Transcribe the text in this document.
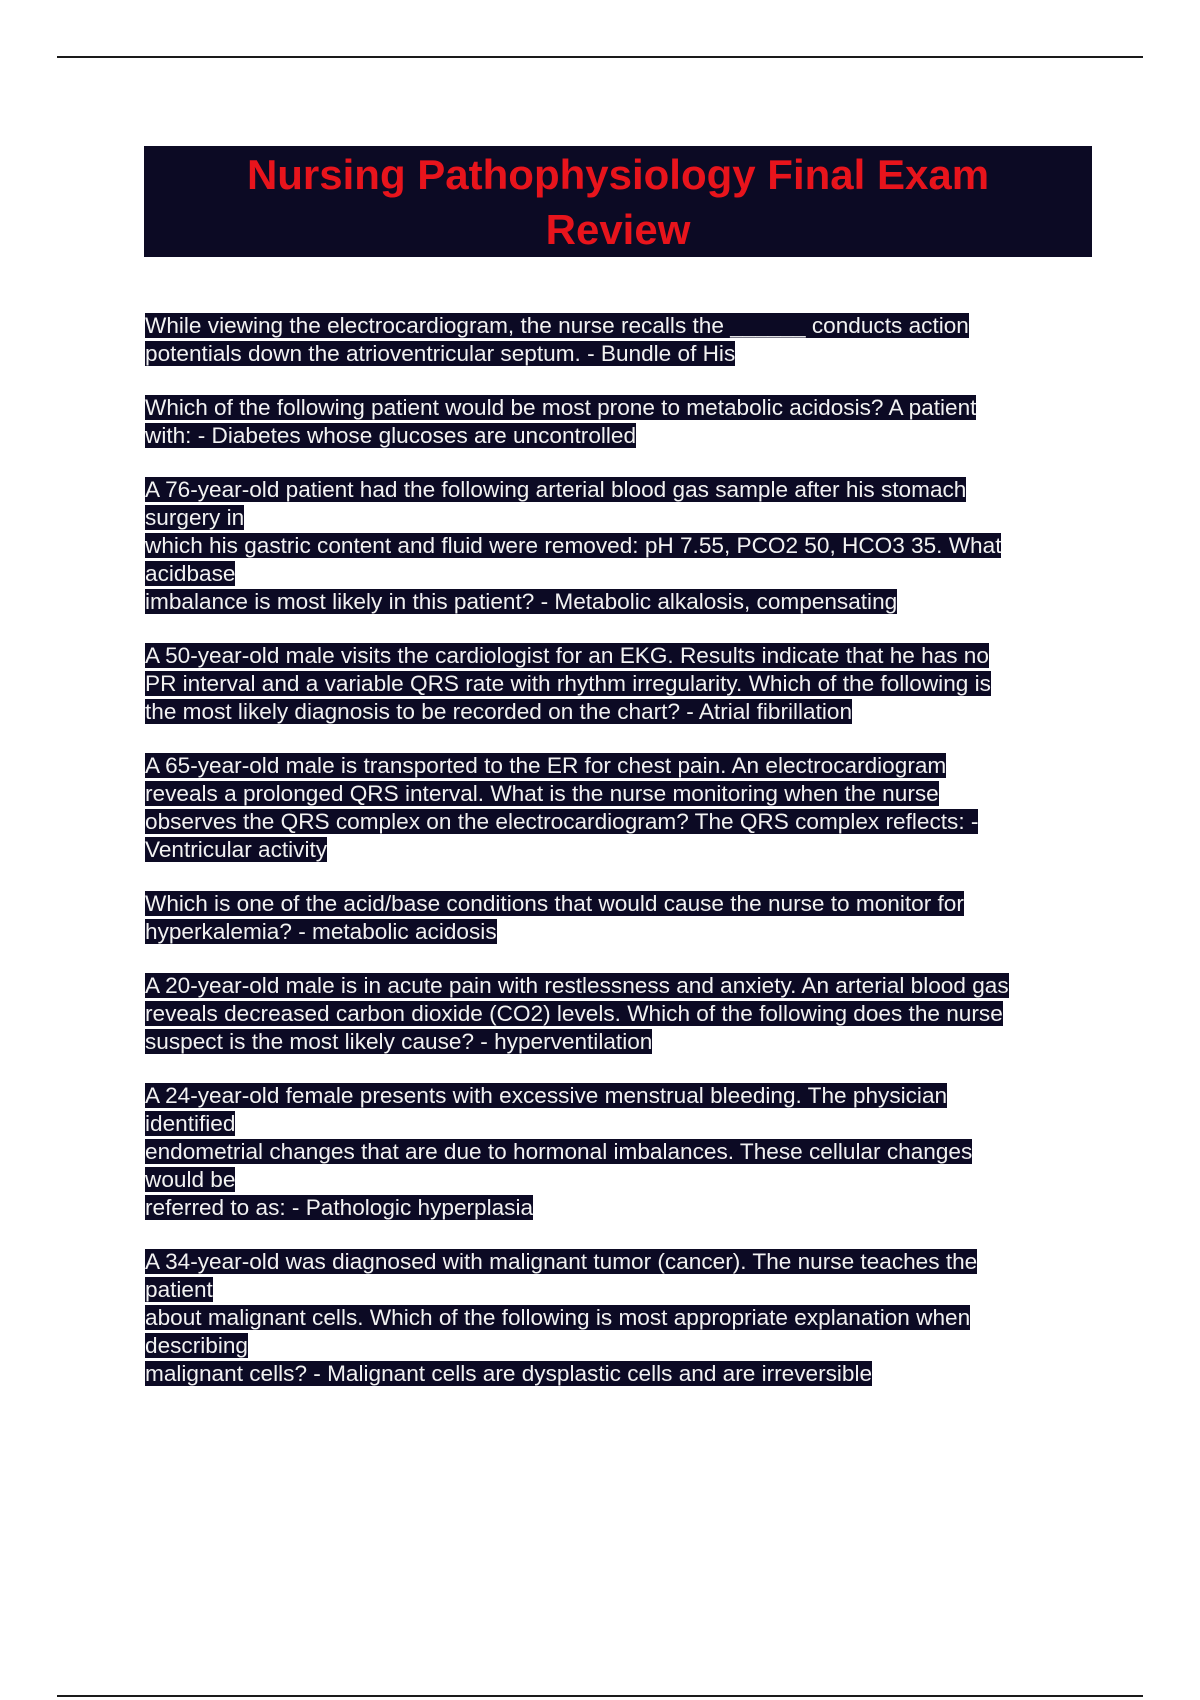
Nursing Pathophysiology Final Exam Review
While viewing the electrocardiogram, the nurse recalls the ______ conducts action
potentials down the atrioventricular septum. - Bundle of His
Which of the following patient would be most prone to metabolic acidosis? A patient
with: - Diabetes whose glucoses are uncontrolled
A 76-year-old patient had the following arterial blood gas sample after his stomach
surgery in
which his gastric content and fluid were removed: pH 7.55, PCO2 50, HCO3 35. What
acidbase
imbalance is most likely in this patient? - Metabolic alkalosis, compensating
A 50-year-old male visits the cardiologist for an EKG. Results indicate that he has no
PR interval and a variable QRS rate with rhythm irregularity. Which of the following is
the most likely diagnosis to be recorded on the chart? - Atrial fibrillation
A 65-year-old male is transported to the ER for chest pain. An electrocardiogram
reveals a prolonged QRS interval. What is the nurse monitoring when the nurse
observes the QRS complex on the electrocardiogram? The QRS complex reflects: -
Ventricular activity
Which is one of the acid/base conditions that would cause the nurse to monitor for
hyperkalemia? - metabolic acidosis
A 20-year-old male is in acute pain with restlessness and anxiety. An arterial blood gas
reveals decreased carbon dioxide (CO2) levels. Which of the following does the nurse
suspect is the most likely cause? - hyperventilation
A 24-year-old female presents with excessive menstrual bleeding. The physician
identified
endometrial changes that are due to hormonal imbalances. These cellular changes
would be
referred to as: - Pathologic hyperplasia
A 34-year-old was diagnosed with malignant tumor (cancer). The nurse teaches the
patient
about malignant cells. Which of the following is most appropriate explanation when
describing
malignant cells? - Malignant cells are dysplastic cells and are irreversible
